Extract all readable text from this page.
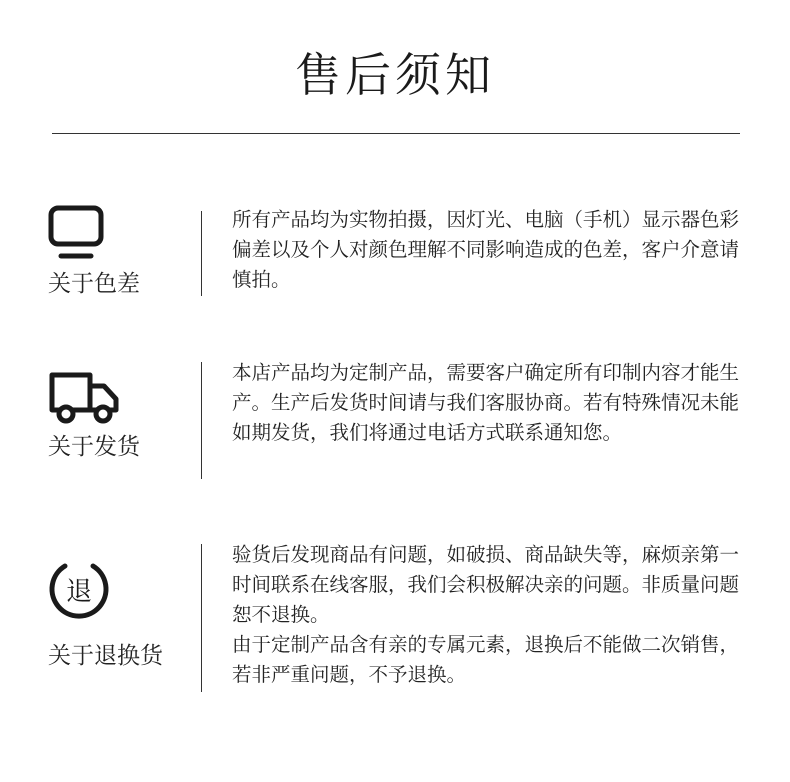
售后须知
关于色差

所有产品均为实物拍摄，因灯光、电脑（手机）显示器色彩偏差以及个人对颜色理解不同影响造成的色差，客户介意请慎拍。

关于发货

本店产品均为定制产品，需要客户确定所有印制内容才能生产。生产后发货时间请与我们客服协商。若有特殊情况未能如期发货，我们将通过电话方式联系通知您。

退
关于退换货

验货后发现商品有问题，如破损、商品缺失等，麻烦亲第一时间联系在线客服，我们会积极解决亲的问题。非质量问题恕不退换。

由于定制产品含有亲的专属元素，退换后不能做二次销售，若非严重问题，不予退换。
